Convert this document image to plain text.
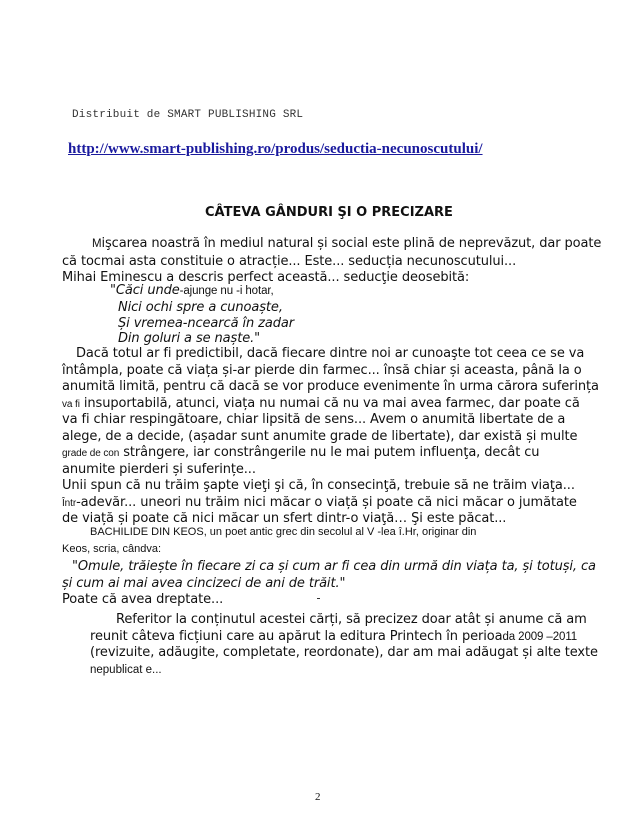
Distribuit de SMART PUBLISHING SRL
http://www.smart-publishing.ro/produs/seductia-necunoscutului/
CÂTEVA GÂNDURI ŞI O PRECIZARE
Mişcarea noastră în mediul natural și social este plină de neprevăzut, dar poate
că tocmai asta constituie o atracție... Este... seducția necunoscutului...
Mihai Eminescu a descris perfect această... seducţie deosebită:
"Căci unde-ajunge nu -i hotar,
Nici ochi spre a cunoaște,
Și vremea-ncearcă în zadar
Din goluri a se naște."
Dacă totul ar fi predictibil, dacă fiecare dintre noi ar cunoaşte tot ceea ce se va
întâmpla, poate că viața și-ar pierde din farmec... însă chiar și aceasta, până la o
anumită limită, pentru că dacă se vor produce evenimente în urma cărora suferința
va fi insuportabilă, atunci, viața nu numai că nu va mai avea farmec, dar poate că
va fi chiar respingătoare, chiar lipsită de sens... Avem o anumită libertate de a
alege, de a decide, (așadar sunt anumite grade de libertate), dar există și multe
grade de con strângere, iar constrângerile nu le mai putem influenţa, decât cu
anumite pierderi și suferințe...
Unii spun că nu trăim şapte vieţi şi că, în consecinţă, trebuie să ne trăim viaţa...
Într-adevăr... uneori nu trăim nici măcar o viață și poate că nici măcar o jumătate
de viață și poate că nici măcar un sfert dintr-o viaţă… Şi este păcat...
BACHILIDE DIN KEOS, un poet antic grec din secolul al V -lea î.Hr, originar din
Keos, scria, cândva:
"Omule, trăiește în fiecare zi ca și cum ar fi cea din urmă din viața ta, și totuși, ca
și cum ai mai avea cincizeci de ani de trăit."
Poate că avea dreptate...
Referitor la conținutul acestei cărți, să precizez doar atât și anume că am
reunit câteva ficțiuni care au apărut la editura Printech în perioada 2009 –2011
(revizuite, adăugite, completate, reordonate), dar am mai adăugat și alte texte
nepublicat e...
2
